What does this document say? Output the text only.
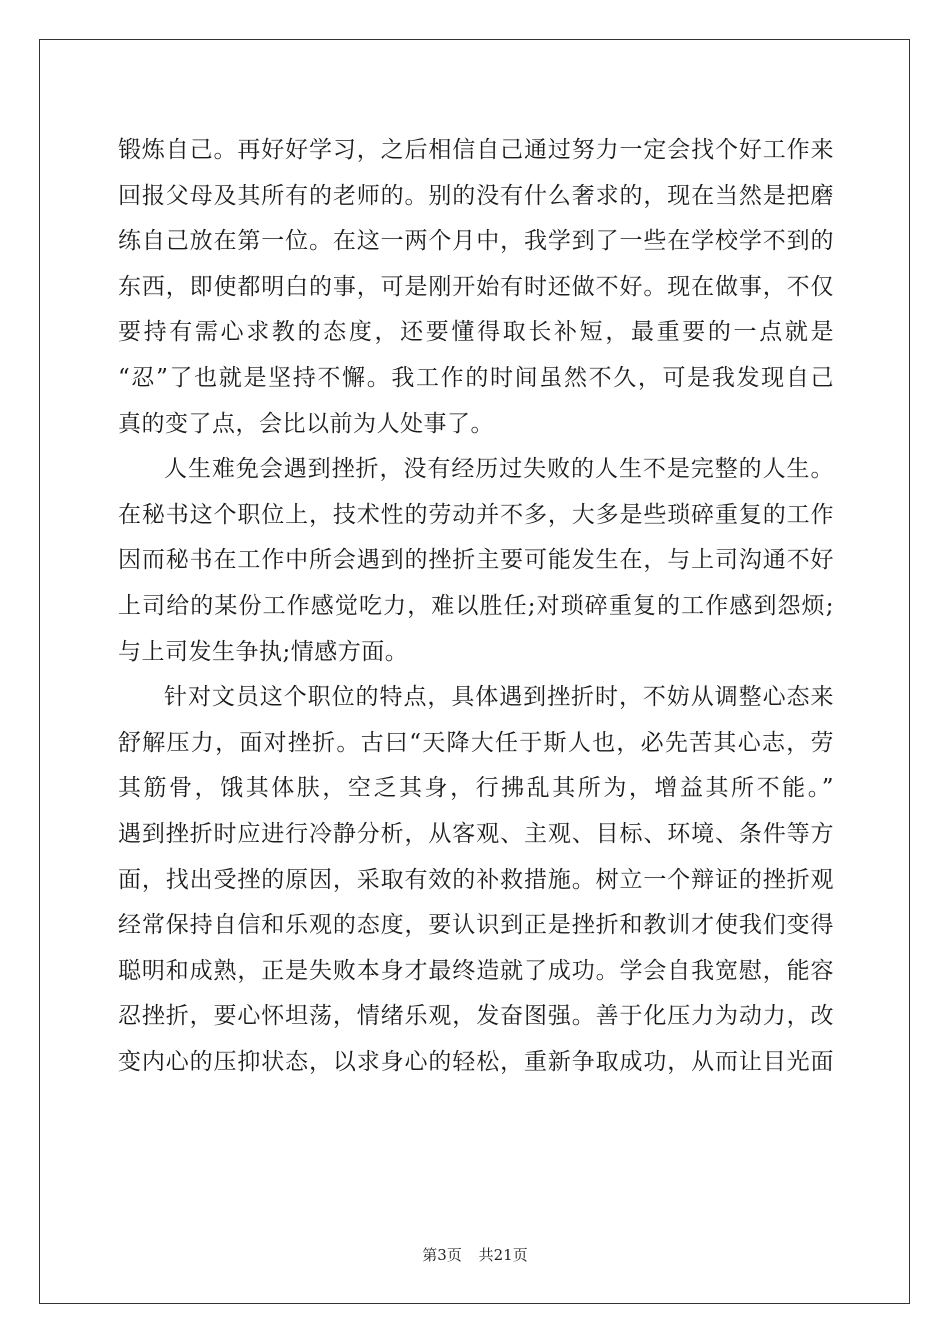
锻炼自己。再好好学习，之后相信自己通过努力一定会找个好工作来
回报父母及其所有的老师的。别的没有什么奢求的，现在当然是把磨
练自己放在第一位。在这一两个月中，我学到了一些在学校学不到的
东西，即使都明白的事，可是刚开始有时还做不好。现在做事，不仅
要持有需心求教的态度，还要懂得取长补短，最重要的一点就是
“忍”了也就是坚持不懈。我工作的时间虽然不久，可是我发现自己
真的变了点，会比以前为人处事了。
人生难免会遇到挫折，没有经历过失败的人生不是完整的人生。
在秘书这个职位上，技术性的劳动并不多，大多是些琐碎重复的工作
因而秘书在工作中所会遇到的挫折主要可能发生在，与上司沟通不好
上司给的某份工作感觉吃力，难以胜任;对琐碎重复的工作感到怨烦;
与上司发生争执;情感方面。
针对文员这个职位的特点，具体遇到挫折时，不妨从调整心态来
舒解压力，面对挫折。古曰“天降大任于斯人也，必先苦其心志，劳
其筋骨，饿其体肤，空乏其身，行拂乱其所为，增益其所不能。”
遇到挫折时应进行冷静分析，从客观、主观、目标、环境、条件等方
面，找出受挫的原因，采取有效的补救措施。树立一个辩证的挫折观
经常保持自信和乐观的态度，要认识到正是挫折和教训才使我们变得
聪明和成熟，正是失败本身才最终造就了成功。学会自我宽慰，能容
忍挫折，要心怀坦荡，情绪乐观，发奋图强。善于化压力为动力，改
变内心的压抑状态，以求身心的轻松，重新争取成功，从而让目光面
第3页 共21页
